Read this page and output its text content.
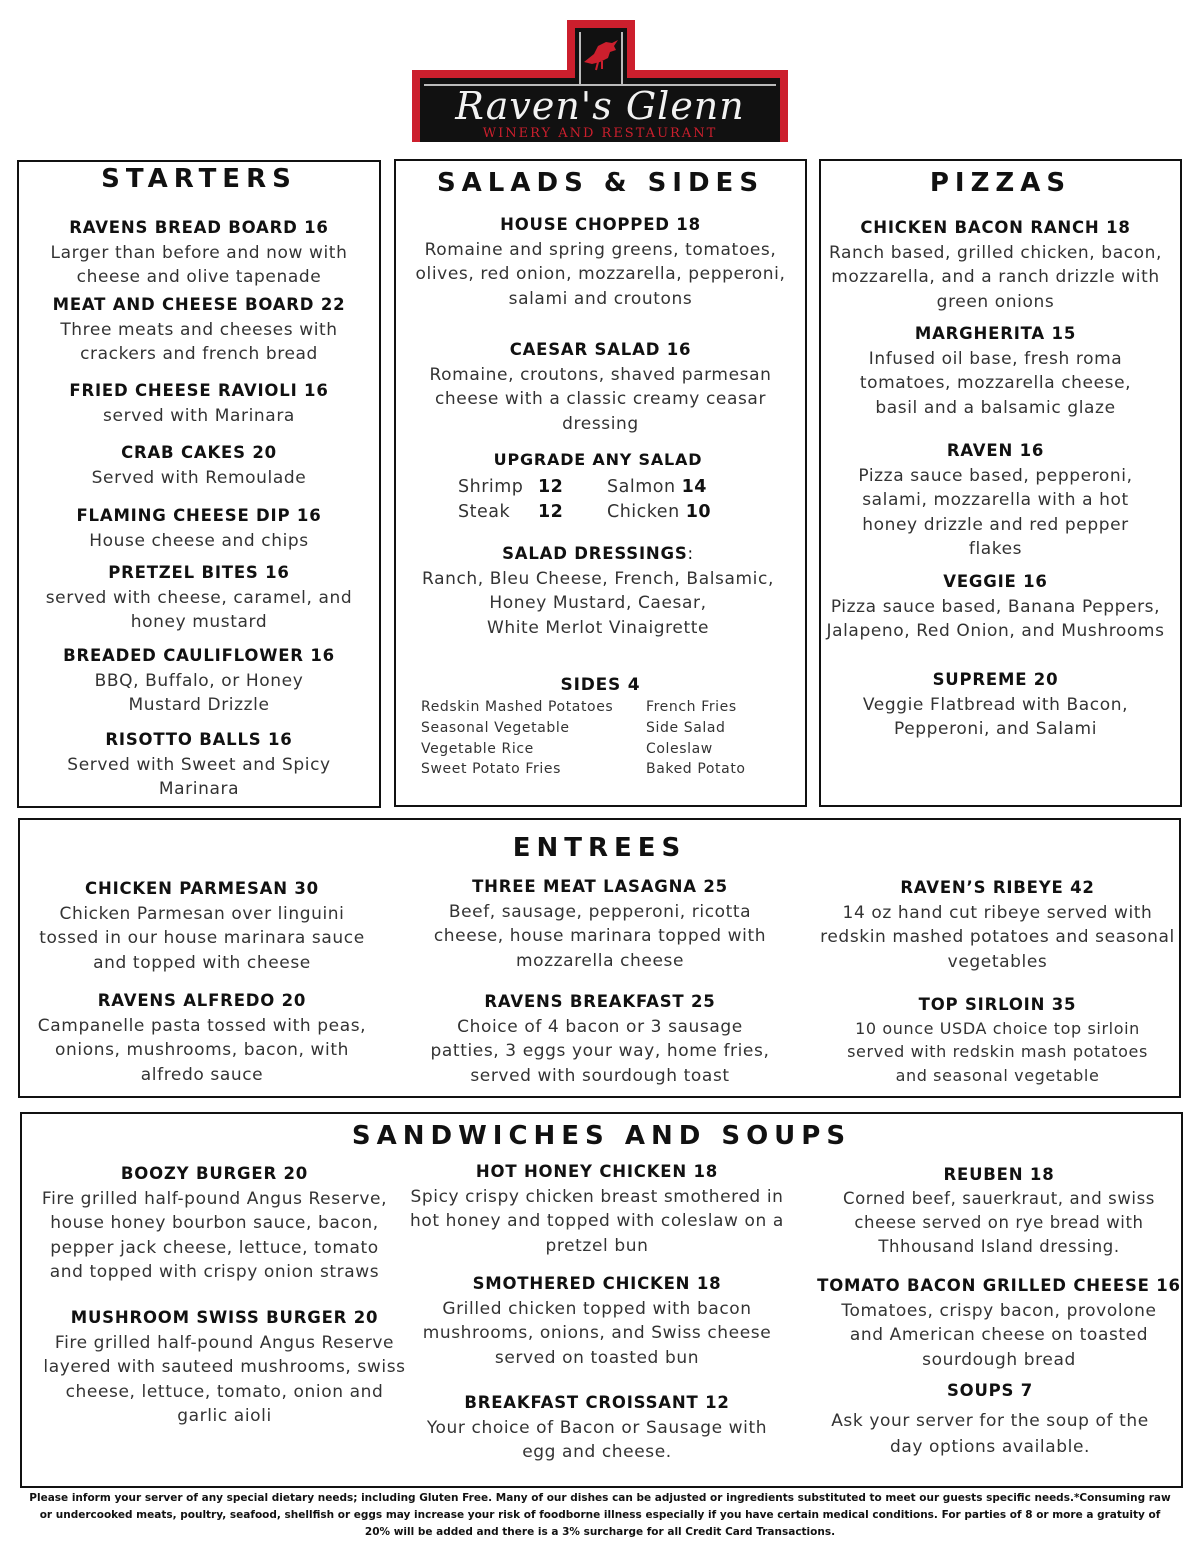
Raven's Glenn
WINERY AND RESTAURANT
STARTERS
RAVENS BREAD BOARD 16

Larger than before and now with

cheese and olive tapenade

MEAT AND CHEESE BOARD 22

Three meats and cheeses with

crackers and french bread

FRIED CHEESE RAVIOLI 16

served with Marinara

CRAB CAKES 20

Served with Remoulade

FLAMING CHEESE DIP 16

House cheese and chips

PRETZEL BITES 16

served with cheese, caramel, and

honey mustard

BREADED CAULIFLOWER 16

BBQ, Buffalo, or Honey

Mustard Drizzle

RISOTTO BALLS 16

Served with Sweet and Spicy

Marinara

SALADS & SIDES
HOUSE CHOPPED 18

Romaine and spring greens, tomatoes,

olives, red onion, mozzarella, pepperoni,

salami and croutons

CAESAR SALAD 16

Romaine, croutons, shaved parmesan

cheese with a classic creamy ceasar

dressing

UPGRADE ANY SALAD
Shrimp 12 Salmon 14
Steak 12 Chicken 10
SALAD DRESSINGS:

Ranch, Bleu Cheese, French, Balsamic,

Honey Mustard, Caesar,

White Merlot Vinaigrette

SIDES 4
Redskin Mashed Potatoes
Seasonal Vegetable
Vegetable Rice
Sweet Potato Fries
French Fries
Side Salad
Coleslaw
Baked Potato
PIZZAS
CHICKEN BACON RANCH 18

Ranch based, grilled chicken, bacon,

mozzarella, and a ranch drizzle with

green onions

MARGHERITA 15

Infused oil base, fresh roma

tomatoes, mozzarella cheese,

basil and a balsamic glaze

RAVEN 16

Pizza sauce based, pepperoni,

salami, mozzarella with a hot

honey drizzle and red pepper

flakes

VEGGIE 16

Pizza sauce based, Banana Peppers,

Jalapeno, Red Onion, and Mushrooms

SUPREME 20

Veggie Flatbread with Bacon,

Pepperoni, and Salami

ENTREES
CHICKEN PARMESAN 30

Chicken Parmesan over linguini

tossed in our house marinara sauce

and topped with cheese

THREE MEAT LASAGNA 25

Beef, sausage, pepperoni, ricotta

cheese, house marinara topped with

mozzarella cheese

RAVEN’S RIBEYE 42

14 oz hand cut ribeye served with

redskin mashed potatoes and seasonal

vegetables

RAVENS ALFREDO 20

Campanelle pasta tossed with peas,

onions, mushrooms, bacon, with

alfredo sauce

RAVENS BREAKFAST 25

Choice of 4 bacon or 3 sausage

patties, 3 eggs your way, home fries,

served with sourdough toast

TOP SIRLOIN 35

10 ounce USDA choice top sirloin

served with redskin mash potatoes

and seasonal vegetable

SANDWICHES AND SOUPS
BOOZY BURGER 20

Fire grilled half-pound Angus Reserve,

house honey bourbon sauce, bacon,

pepper jack cheese, lettuce, tomato

and topped with crispy onion straws

MUSHROOM SWISS BURGER 20

Fire grilled half-pound Angus Reserve

layered with sauteed mushrooms, swiss

cheese, lettuce, tomato, onion and

garlic aioli

HOT HONEY CHICKEN 18

Spicy crispy chicken breast smothered in

hot honey and topped with coleslaw on a

pretzel bun

SMOTHERED CHICKEN 18

Grilled chicken topped with bacon

mushrooms, onions, and Swiss cheese

served on toasted bun

BREAKFAST CROISSANT 12

Your choice of Bacon or Sausage with

egg and cheese.

REUBEN 18

Corned beef, sauerkraut, and swiss

cheese served on rye bread with

Thhousand Island dressing.

TOMATO BACON GRILLED CHEESE 16

Tomatoes, crispy bacon, provolone

and American cheese on toasted

sourdough bread

SOUPS 7

Ask your server for the soup of the

day options available.

Please inform your server of any special dietary needs; including Gluten Free. Many of our dishes can be adjusted or ingredients substituted to meet our guests specific needs.*Consuming raw
or undercooked meats, poultry, seafood, shellfish or eggs may increase your risk of foodborne illness especially if you have certain medical conditions. For parties of 8 or more a gratuity of
20% will be added and there is a 3% surcharge for all Credit Card Transactions.
